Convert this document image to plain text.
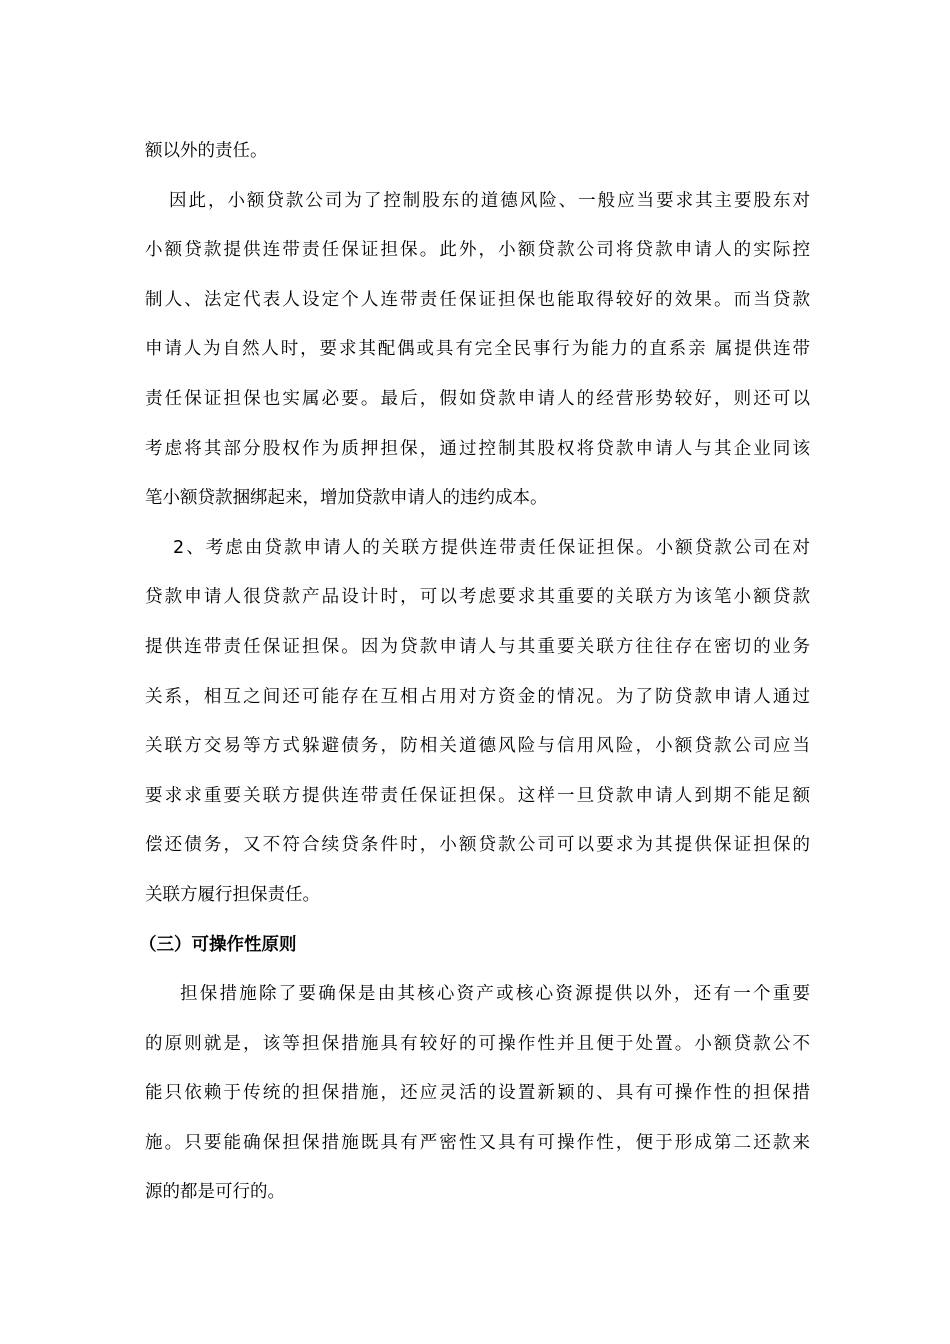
额以外的责任。
因此，小额贷款公司为了控制股东的道德风险、一般应当要求其主要股东对
小额贷款提供连带责任保证担保。此外，小额贷款公司将贷款申请人的实际控
制人、法定代表人设定个人连带责任保证担保也能取得较好的效果。而当贷款
申请人为自然人时，要求其配偶或具有完全民事行为能力的直系亲 属提供连带
责任保证担保也实属必要。最后，假如贷款申请人的经营形势较好，则还可以
考虑将其部分股权作为质押担保，通过控制其股权将贷款申请人与其企业同该
笔小额贷款捆绑起来，增加贷款申请人的违约成本。
2、考虑由贷款申请人的关联方提供连带责任保证担保。小额贷款公司在对
贷款申请人很贷款产品设计时，可以考虑要求其重要的关联方为该笔小额贷款
提供连带责任保证担保。因为贷款申请人与其重要关联方往往存在密切的业务
关系，相互之间还可能存在互相占用对方资金的情况。为了防贷款申请人通过
关联方交易等方式躲避债务，防相关道德风险与信用风险，小额贷款公司应当
要求求重要关联方提供连带责任保证担保。这样一旦贷款申请人到期不能足额
偿还债务，又不符合续贷条件时，小额贷款公司可以要求为其提供保证担保的
关联方履行担保责任。
（三）可操作性原则
担保措施除了要确保是由其核心资产或核心资源提供以外，还有一个重要
的原则就是，该等担保措施具有较好的可操作性并且便于处置。小额贷款公不
能只依赖于传统的担保措施，还应灵活的设置新颖的、具有可操作性的担保措
施。只要能确保担保措施既具有严密性又具有可操作性，便于形成第二还款来
源的都是可行的。
